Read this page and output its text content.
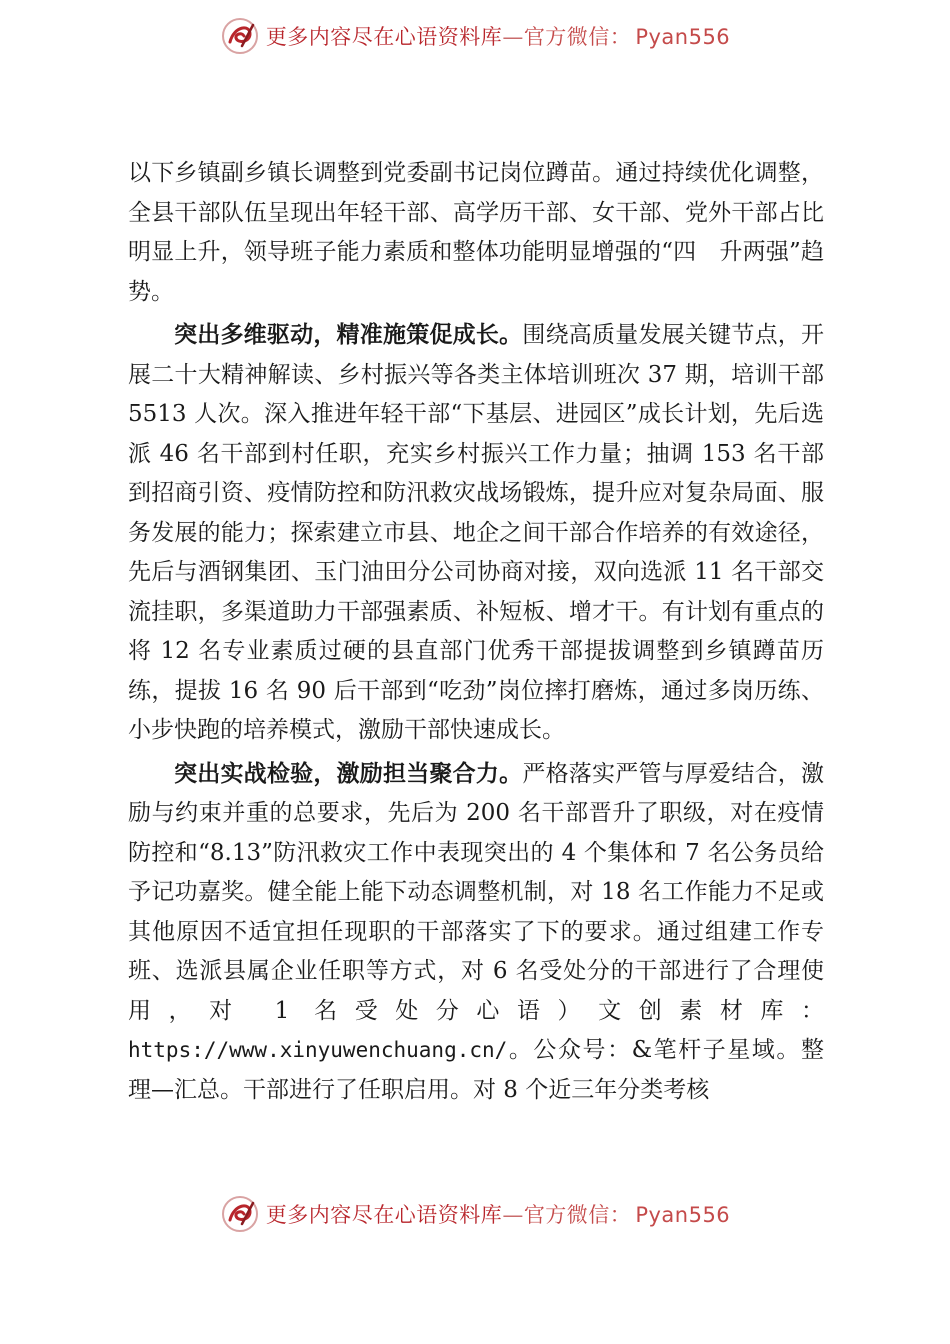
更多内容尽在心语资料库—官方微信： Pyan556

以下乡镇副乡镇长调整到党委副书记岗位蹲苗。通过持续优化调整，全县干部队伍呈现出年轻干部、高学历干部、女干部、党外干部占比明显上升，领导班子能力素质和整体功能明显增强的“四　升两强”趋势。

突出多维驱动，精准施策促成长。围绕高质量发展关键节点，开展二十大精神解读、乡村振兴等各类主体培训班次 37 期，培训干部 5513 人次。深入推进年轻干部“下基层、进园区”成长计划，先后选派 46 名干部到村任职，充实乡村振兴工作力量；抽调 153 名干部到招商引资、疫情防控和防汛救灾战场锻炼，提升应对复杂局面、服务发展的能力；探索建立市县、地企之间干部合作培养的有效途径，先后与酒钢集团、玉门油田分公司协商对接，双向选派 11 名干部交流挂职，多渠道助力干部强素质、补短板、增才干。有计划有重点的将 12 名专业素质过硬的县直部门优秀干部提拔调整到乡镇蹲苗历练，提拔 16 名 90 后干部到“吃劲”岗位摔打磨炼，通过多岗历练、小步快跑的培养模式，激励干部快速成长。

突出实战检验，激励担当聚合力。严格落实严管与厚爱结合，激励与约束并重的总要求，先后为 200 名干部晋升了职级，对在疫情防控和“8.13”防汛救灾工作中表现突出的 4 个集体和 7 名公务员给予记功嘉奖。健全能上能下动态调整机制，对 18 名工作能力不足或其他原因不适宜担任现职的干部落实了下的要求。通过组建工作专班、选派县属企业任职等方式，对 6 名受处分的干部进行了合理使用，对 1 名受处分心语）文创素材库：https://www.xinyuwenchuang.cn/。公众号：&笔杆子星域。整理—汇总。干部进行了任职启用。对 8 个近三年分类考核

更多内容尽在心语资料库—官方微信： Pyan556
